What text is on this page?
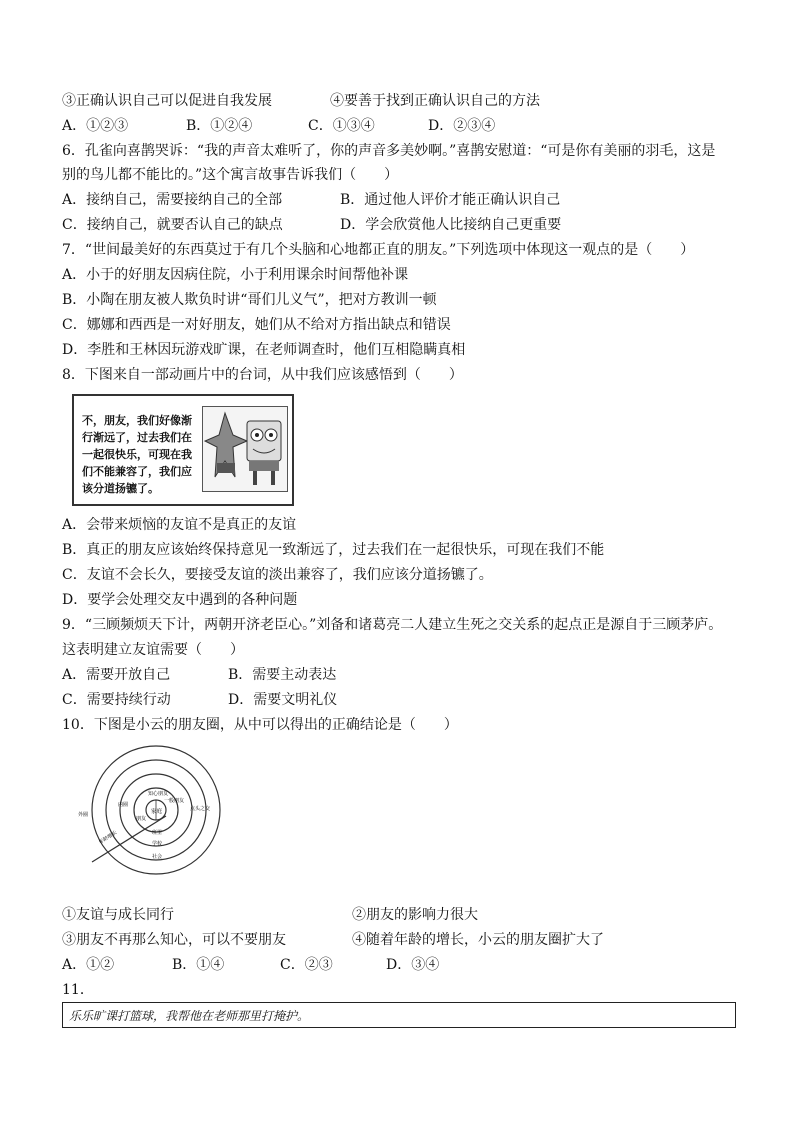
③正确认识自己可以促进自我发展	④要善于找到正确认识自己的方法
A．①②③	B．①②④	C．①③④	D．②③④
6．孔雀向喜鹊哭诉：“我的声音太难听了，你的声音多美妙啊。”喜鹊安慰道：“可是你有美丽的羽毛，这是
别的鸟儿都不能比的。”这个寓言故事告诉我们（　　）
A．接纳自己，需要接纳自己的全部	B．通过他人评价才能正确认识自己
C．接纳自己，就要否认自己的缺点	D．学会欣赏他人比接纳自己更重要
7．“世间最美好的东西莫过于有几个头脑和心地都正直的朋友。”下列选项中体现这一观点的是（　　）
A．小于的好朋友因病住院，小于利用课余时间帮他补课
B．小陶在朋友被人欺负时讲“哥们儿义气”，把对方教训一顿
C．娜娜和西西是一对好朋友，她们从不给对方指出缺点和错误
D．李胜和王林因玩游戏旷课，在老师调查时，他们互相隐瞒真相
8．下图来自一部动画片中的台词，从中我们应该感悟到（　　）
不，朋友，我们好像渐行渐远了，过去我们在一起很快乐，可现在我们不能兼容了，我们应该分道扬镳了。
A．会带来烦恼的友谊不是真正的友谊
B．真正的朋友应该始终保持意见一致渐远了，过去我们在一起很快乐，可现在我们不能
C．友谊不会长久，要接受友谊的淡出兼容了，我们应该分道扬镳了。
D．要学会处理交友中遇到的各种问题
9．“三顾频烦天下计，两朝开济老臣心。”刘备和诸葛亮二人建立生死之交关系的起点正是源自于三顾茅庐。
这表明建立友谊需要（　　）
A．需要开放自己	B．需要主动表达
C．需要持续行动	D．需要文明礼仪
10．下图是小云的朋友圈，从中可以得出的正确结论是（　　）
家庭
知心朋友
一般朋友
班里
学校
社会
外圈
内圈
点头之交
朋友
年龄增长
①友谊与成长同行	②朋友的影响力很大
③朋友不再那么知心，可以不要朋友	④随着年龄的增长，小云的朋友圈扩大了
A．①②	B．①④	C．②③	D．③④
11．
乐乐旷课打篮球，我帮他在老师那里打掩护。
